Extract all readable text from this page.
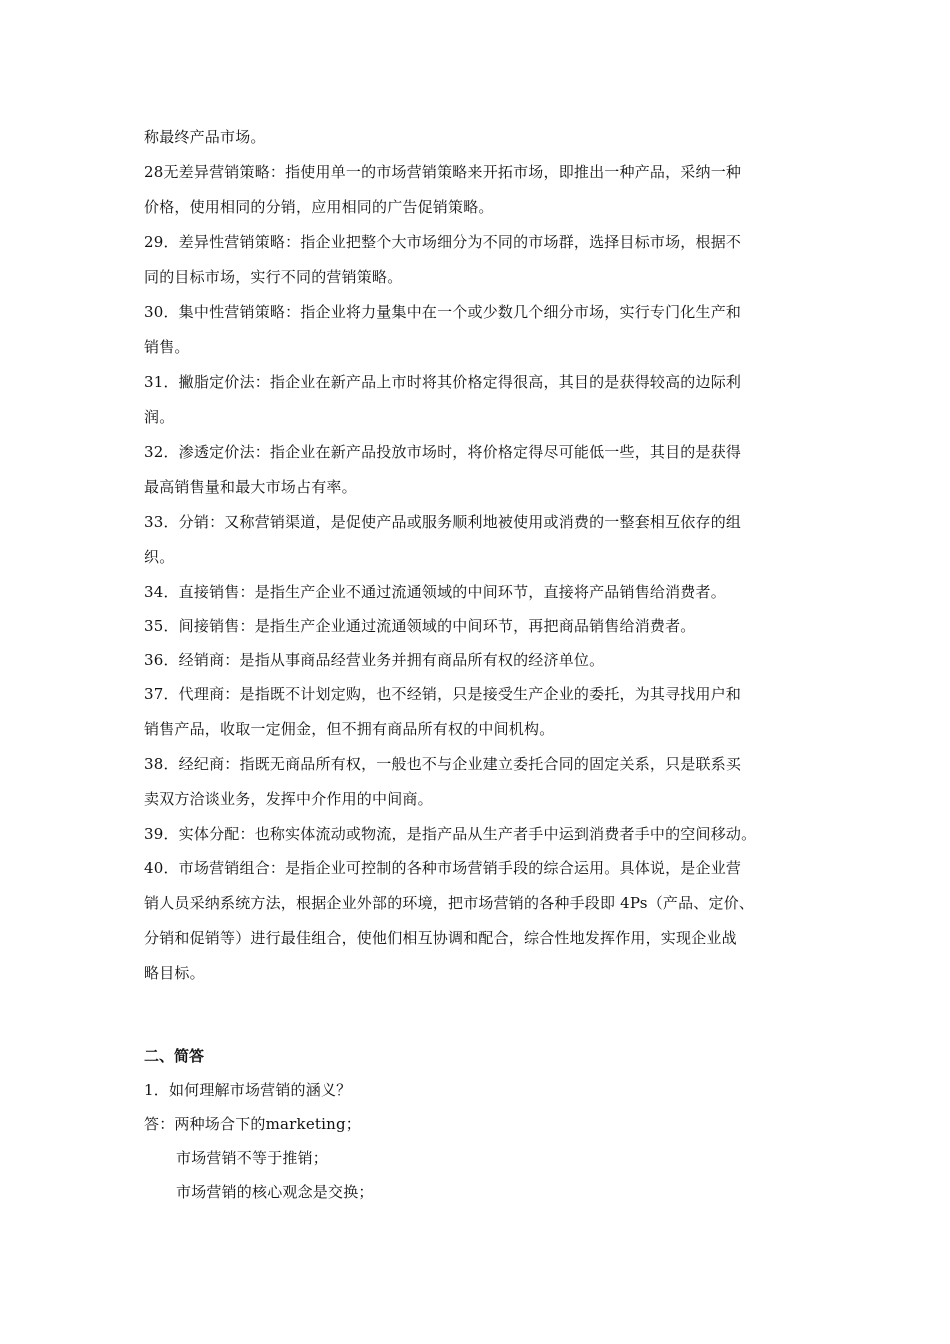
称最终产品市场。
28无差异营销策略：指使用单一的市场营销策略来开拓市场，即推出一种产品，采纳一种
价格，使用相同的分销，应用相同的广告促销策略。
29．差异性营销策略：指企业把整个大市场细分为不同的市场群，选择目标市场，根据不
同的目标市场，实行不同的营销策略。
30．集中性营销策略：指企业将力量集中在一个或少数几个细分市场，实行专门化生产和
销售。
31．撇脂定价法：指企业在新产品上市时将其价格定得很高，其目的是获得较高的边际利
润。
32．渗透定价法：指企业在新产品投放市场时，将价格定得尽可能低一些，其目的是获得
最高销售量和最大市场占有率。
33．分销：又称营销渠道，是促使产品或服务顺利地被使用或消费的一整套相互依存的组
织。
34．直接销售：是指生产企业不通过流通领域的中间环节，直接将产品销售给消费者。
35．间接销售：是指生产企业通过流通领域的中间环节，再把商品销售给消费者。
36．经销商：是指从事商品经营业务并拥有商品所有权的经济单位。
37．代理商：是指既不计划定购，也不经销，只是接受生产企业的委托，为其寻找用户和
销售产品，收取一定佣金，但不拥有商品所有权的中间机构。
38．经纪商：指既无商品所有权，一般也不与企业建立委托合同的固定关系，只是联系买
卖双方洽谈业务，发挥中介作用的中间商。
39．实体分配：也称实体流动或物流，是指产品从生产者手中运到消费者手中的空间移动。
40．市场营销组合：是指企业可控制的各种市场营销手段的综合运用。具体说，是企业营
销人员采纳系统方法，根据企业外部的环境，把市场营销的各种手段即 4Ps（产品、定价、
分销和促销等）进行最佳组合，使他们相互协调和配合，综合性地发挥作用，实现企业战
略目标。
二、简答
1．如何理解市场营销的涵义？
答：两种场合下的marketing；
市场营销不等于推销；
市场营销的核心观念是交换；
